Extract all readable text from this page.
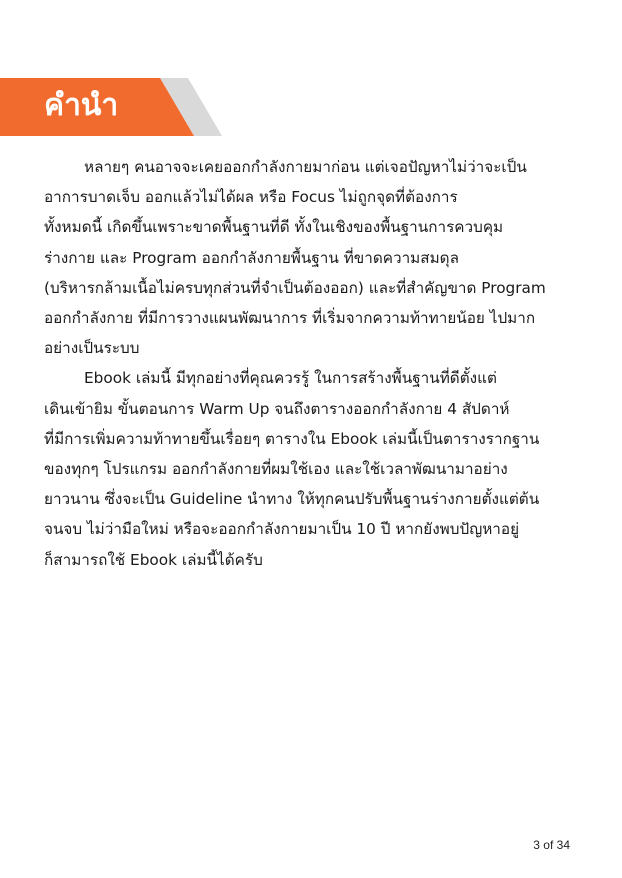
คำนำ

หลายๆ คนอาจจะเคยออกกำลังกายมาก่อน แต่เจอปัญหาไม่ว่าจะเป็น
อาการบาดเจ็บ ออกแล้วไม่ได้ผล หรือ Focus ไม่ถูกจุดที่ต้องการ
ทั้งหมดนี้ เกิดขึ้นเพราะขาดพื้นฐานที่ดี ทั้งในเชิงของพื้นฐานการควบคุม
ร่างกาย และ Program ออกกำลังกายพื้นฐาน ที่ขาดความสมดุล
(บริหารกล้ามเนื้อไม่ครบทุกส่วนที่จำเป็นต้องออก) และที่สำคัญขาด Program
ออกกำลังกาย ที่มีการวางแผนพัฒนาการ ที่เริ่มจากความท้าทายน้อย ไปมาก
อย่างเป็นระบบ

Ebook เล่มนี้ มีทุกอย่างที่คุณควรรู้ ในการสร้างพื้นฐานที่ดีตั้งแต่
เดินเข้ายิม ขั้นตอนการ Warm Up จนถึงตารางออกกำลังกาย 4 สัปดาห์
ที่มีการเพิ่มความท้าทายขึ้นเรื่อยๆ ตารางใน Ebook เล่มนี้เป็นตารางรากฐาน
ของทุกๆ โปรแกรม ออกกำลังกายที่ผมใช้เอง และใช้เวลาพัฒนามาอย่าง
ยาวนาน ซึ่งจะเป็น Guideline นำทาง ให้ทุกคนปรับพื้นฐานร่างกายตั้งแต่ต้น
จนจบ ไม่ว่ามือใหม่ หรือจะออกกำลังกายมาเป็น 10 ปี หากยังพบปัญหาอยู่
ก็สามารถใช้ Ebook เล่มนี้ได้ครับ

3 of 34
